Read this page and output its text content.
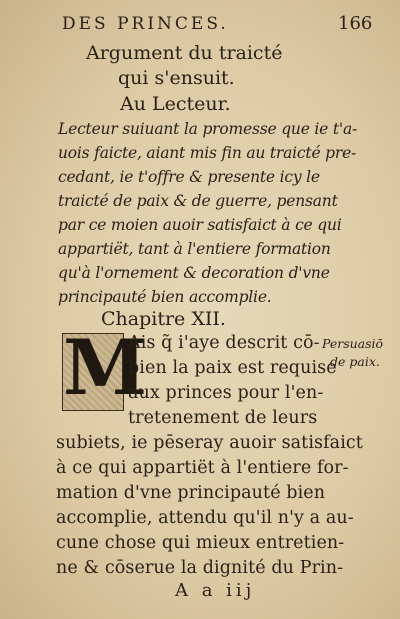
DES PRINCES.	166
Argument du traicté
qui s'ensuit.
Au Lecteur.
Lecteur suiuant la promesse que ie t'a-
uois faicte, aiant mis fin au traicté pre-
cedant, ie t'offre & presente icy le
traicté de paix & de guerre, pensant
par ce moien auoir satisfaict à ce qui
appartiët, tant à l'entiere formation
qu'à l'ornement & decoration d'vne
principauté bien accomplie.
Chapitre XII.
M
Ais q̃ i'aye descrit cō-
bien la paix est requise
aux princes pour l'en-
tretenement de leurs
subiets, ie pēseray auoir satisfaict
à ce qui appartiët à l'entiere for-
mation d'vne principauté bien
accomplie, attendu qu'il n'y a au-
cune chose qui mieux entretien-
ne & cōserue la dignité du Prin-
Persuasiō
de paix.
A a iij
